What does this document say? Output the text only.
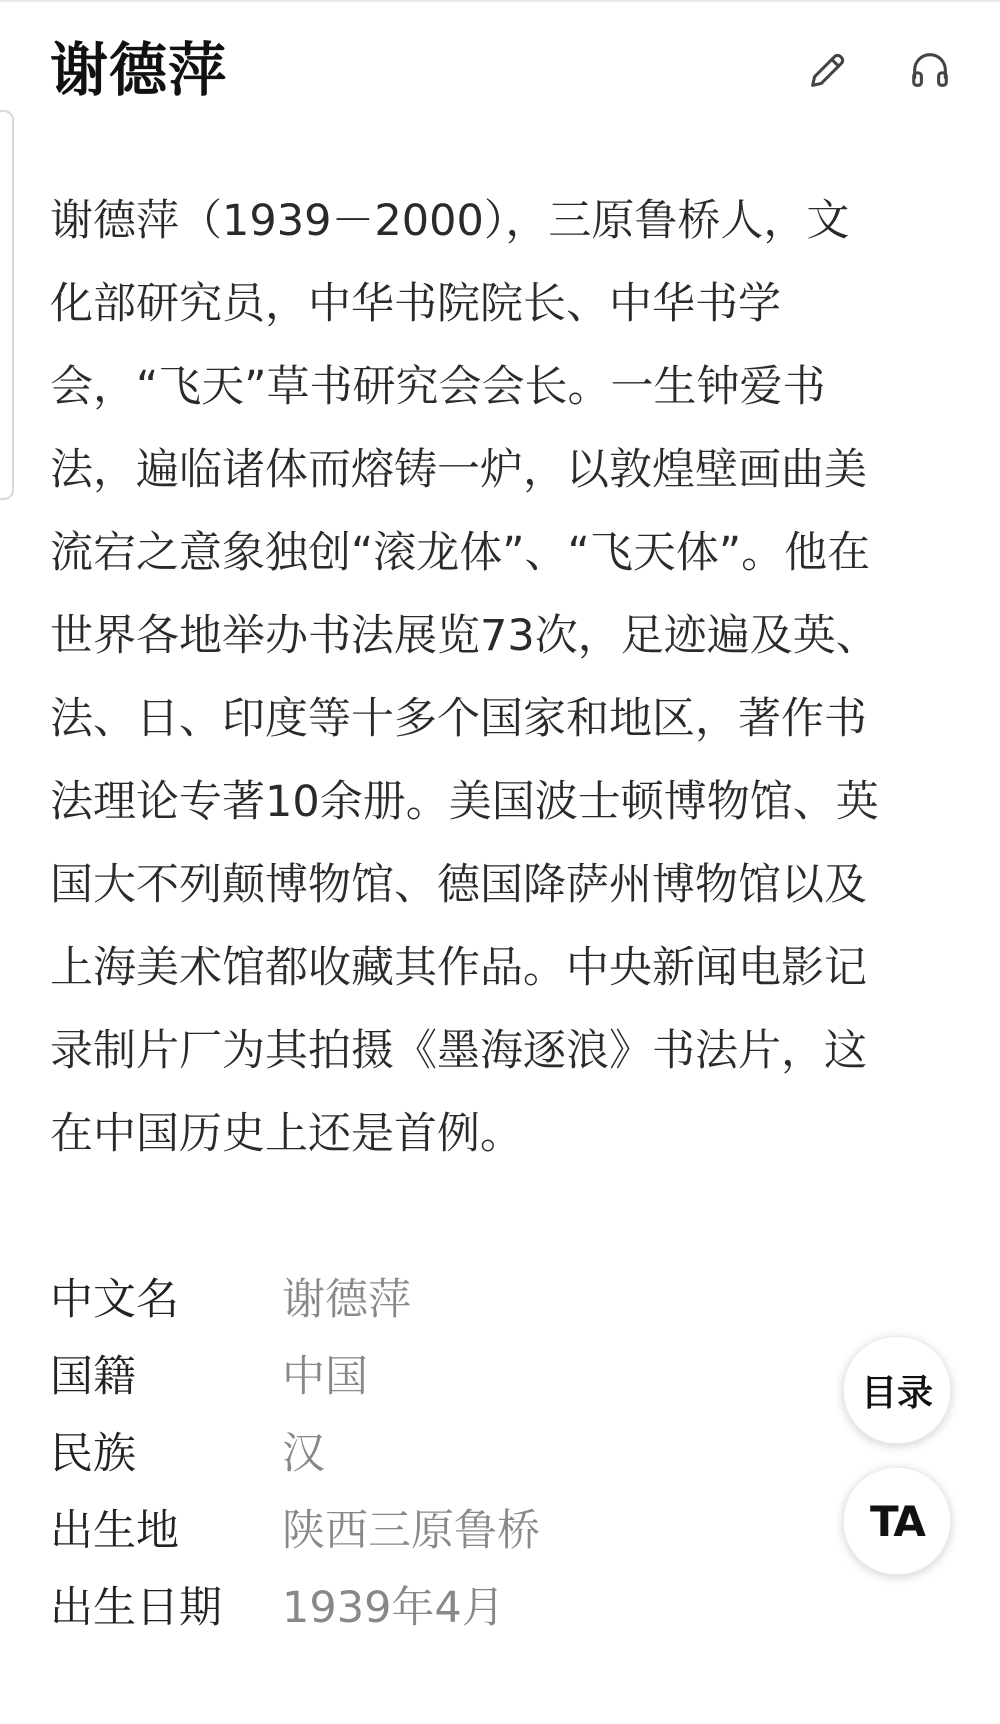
谢德萍
谢德萍（1939－2000），三原鲁桥人，文
化部研究员，中华书院院长、中华书学
会，“飞天”草书研究会会长。一生钟爱书
法，遍临诸体而熔铸一炉，以敦煌壁画曲美
流宕之意象独创“滚龙体”、“飞天体”。他在
世界各地举办书法展览73次，足迹遍及英、
法、日、印度等十多个国家和地区，著作书
法理论专著10余册。美国波士顿博物馆、英
国大不列颠博物馆、德国降萨州博物馆以及
上海美术馆都收藏其作品。中央新闻电影记
录制片厂为其拍摄《墨海逐浪》书法片，这
在中国历史上还是首例。
中文名 谢德萍
国籍	中国
民族	汉
出生地 陕西三原鲁桥
出生日期 1939年4月
目录
TA
